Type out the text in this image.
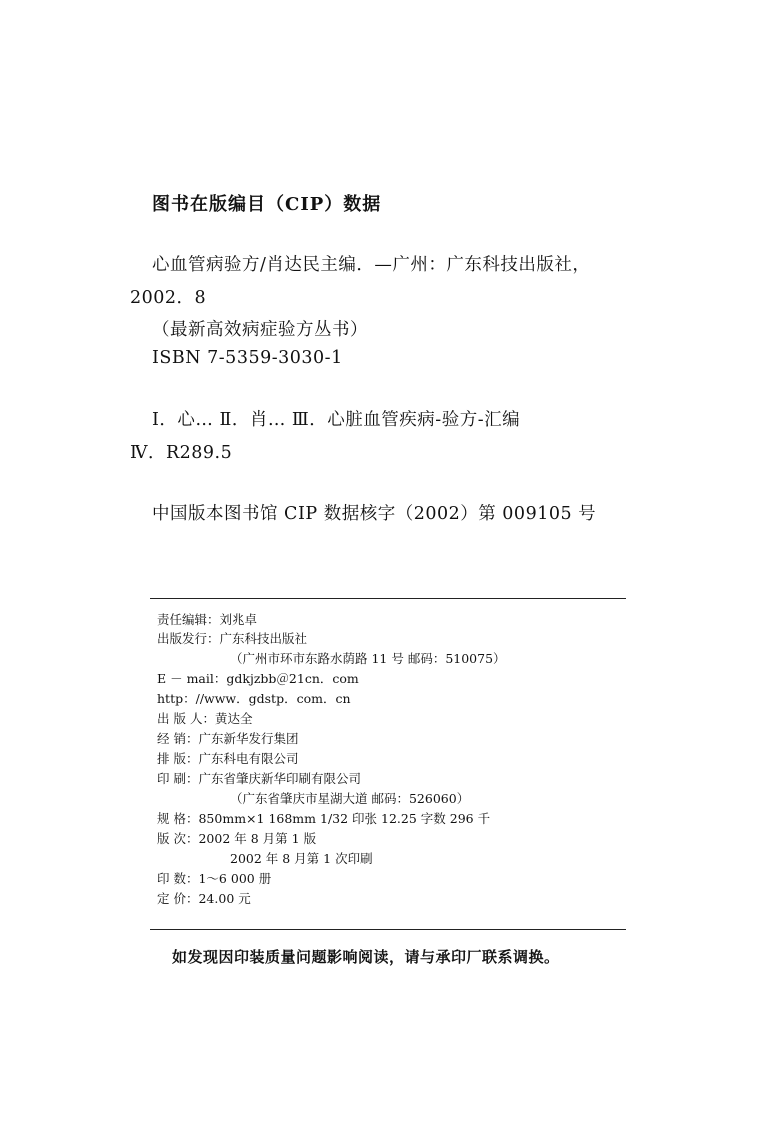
图书在版编目（CIP）数据
心血管病验方/肖达民主编．—广州：广东科技出版社，
2002．8
（最新高效病症验方丛书）
ISBN 7-5359-3030-1
Ⅰ．心… Ⅱ．肖… Ⅲ．心脏血管疾病-验方-汇编
Ⅳ．R289.5
中国版本图书馆 CIP 数据核字（2002）第 009105 号
责任编辑：刘兆卓
出版发行：广东科技出版社
（广州市环市东路水荫路 11 号 邮码：510075）
E － mail：gdkjzbb＠21cn．com
http：//www．gdstp．com．cn
出 版 人：黄达全
经 销：广东新华发行集团
排 版：广东科电有限公司
印 刷：广东省肇庆新华印刷有限公司
（广东省肇庆市星湖大道 邮码：526060）
规 格：850mm×1 168mm 1/32 印张 12.25 字数 296 千
版 次：2002 年 8 月第 1 版
2002 年 8 月第 1 次印刷
印 数：1～6 000 册
定 价：24.00 元
如发现因印装质量问题影响阅读，请与承印厂联系调换。
